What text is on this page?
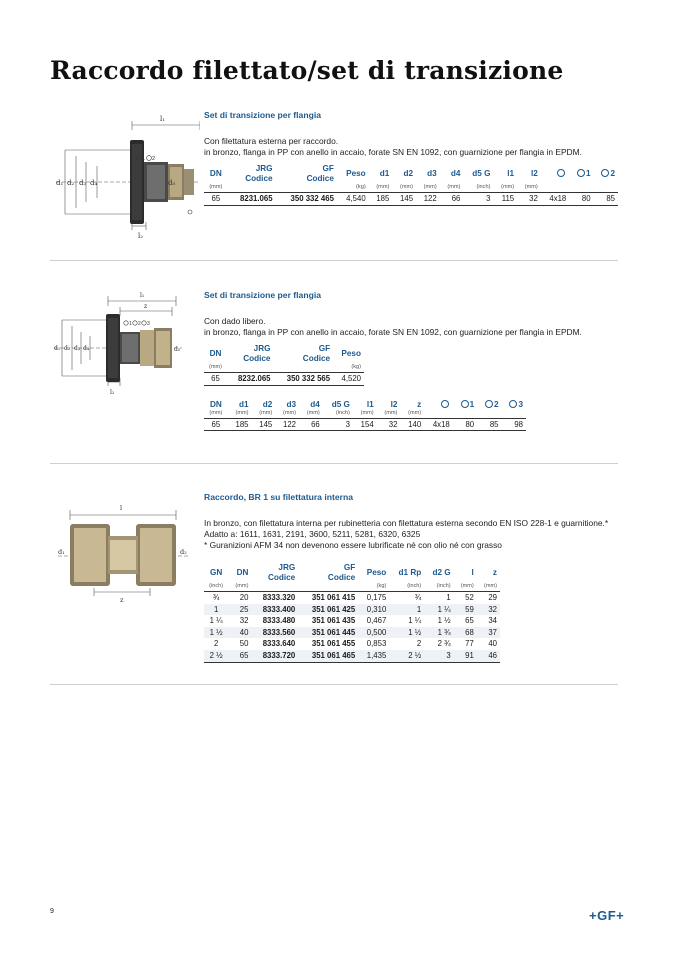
Raccordo filettato/set di transizione
l₁
l₂
d₁ d₂ d₃ d₄	d₅
1 2
Set di transizione per flangia

Con filettatura esterna per raccordo.

in bronzo, flanga in PP con anello in accaio, forate SN EN 1092, con guarnizione per flangia in EPDM.

DN	JRG
Codice	GF
Codice	Peso	d1	d2	d3	d4	d5 G	l1	l2		1	2
(mm)			(kg)	(mm)	(mm)	(mm)	(mm)	(inch)	(mm)	(mm)			
65	8231.065	350 332 465	4,540	185	145	122	66	3	115	32	4x18	80	85
l₁
z
l₂
d₁ d₂ d₃ d₄	d₅
1 2 3
Set di transizione per flangia

Con dado libero.

in bronzo, flanga in PP con anello in accaio, forate SN EN 1092, con guarnizione per flangia in EPDM.

DN	JRG
Codice	GF
Codice	Peso
(mm)			(kg)
65	8232.065	350 332 565	4,520
DN	d1	d2	d3	d4	d5 G	l1	l2	z		1	2	3
(mm)	(mm)	(mm)	(mm)	(mm)	(inch)	(mm)	(mm)	(mm)				
65	185	145	122	66	3	154	32	140	4x18	80	85	98
l
z
d₁	d₂
Raccordo, BR 1 su filettatura interna

In bronzo, con filettatura interna per rubinetteria con filettatura esterna secondo EN ISO 228-1 e guarnitione.*

Adatto a: 1611, 1631, 2191, 3600, 5211, 5281, 6320, 6325

* Guranizioni AFM 34 non devenono essere lubrificate né con olio né con grasso

GN	DN	JRG
Codice	GF
Codice	Peso	d1 Rp	d2 G	l	z
(inch)	(mm)			(kg)	(inch)	(inch)	(mm)	(mm)
¾	20	8333.320	351 061 415	0,175	¾	1	52	29
1	25	8333.400	351 061 425	0,310	1	1 ¼	59	32
1 ¼	32	8333.480	351 061 435	0,467	1 ¼	1 ½	65	34
1 ½	40	8333.560	351 061 445	0,500	1 ½	1 ¾	68	37
2	50	8333.640	351 061 455	0,853	2	2 ¾	77	40
2 ½	65	8333.720	351 061 465	1,435	2 ½	3	91	46

9	+GF+
